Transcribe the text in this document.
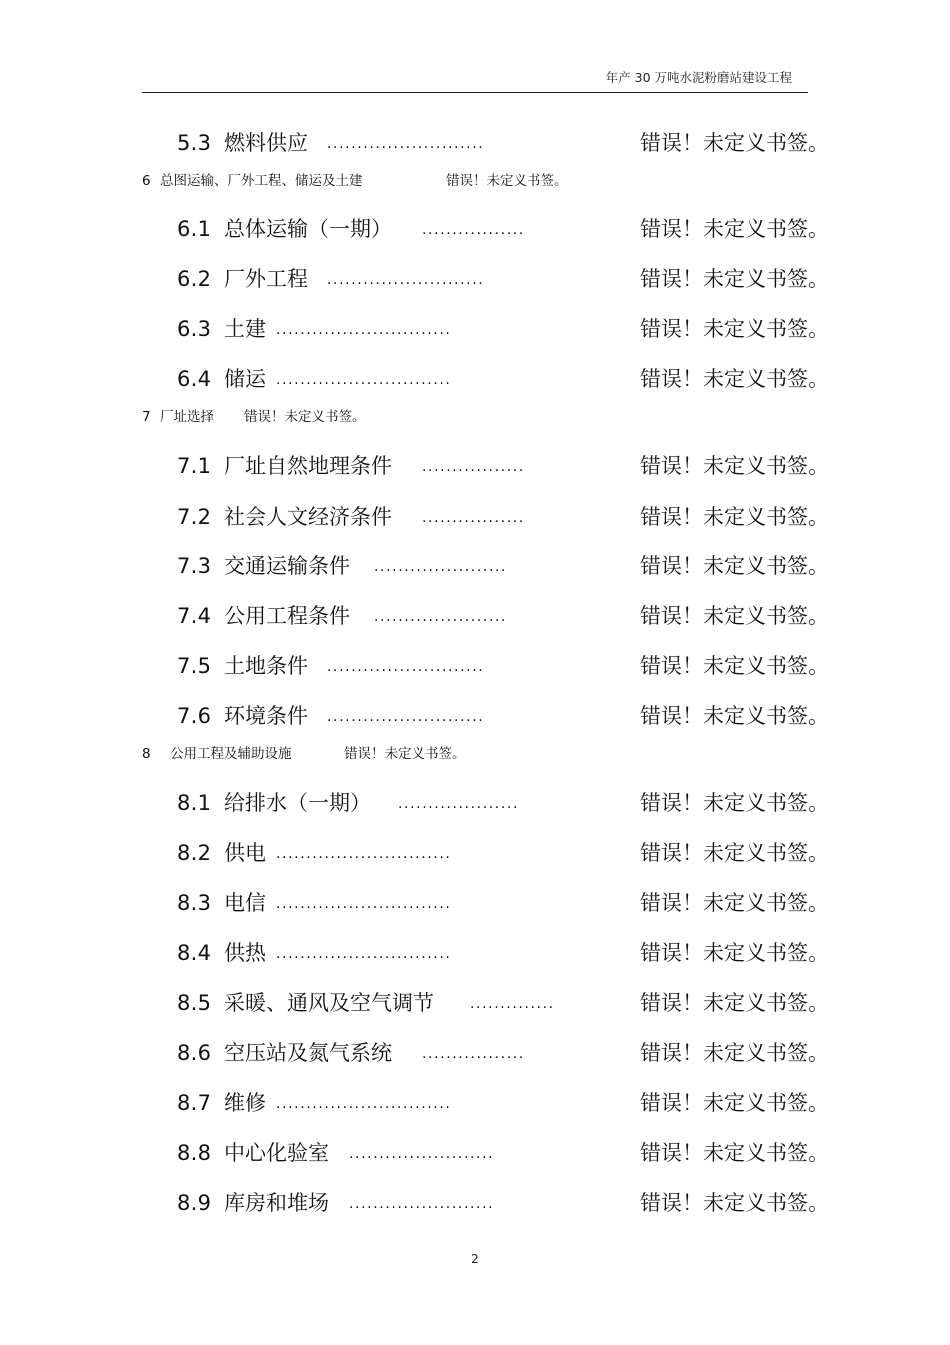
年产 30 万吨水泥粉磨站建设工程
5.3 燃料供应 ..........................	错误！未定义书签。
6 总图运输、厂外工程、储运及土建	错误！未定义书签。
6.1 总体运输（一期） .................	错误！未定义书签。
6.2 厂外工程 ..........................	错误！未定义书签。
6.3 土建 .............................	错误！未定义书签。
6.4 储运 .............................	错误！未定义书签。
7 厂址选择 错误！未定义书签。
7.1 厂址自然地理条件 .................	错误！未定义书签。
7.2 社会人文经济条件 .................	错误！未定义书签。
7.3 交通运输条件 ......................	错误！未定义书签。
7.4 公用工程条件 ......................	错误！未定义书签。
7.5 土地条件 ..........................	错误！未定义书签。
7.6 环境条件 ..........................	错误！未定义书签。
8 公用工程及辅助设施	错误！未定义书签。
8.1 给排水（一期） ....................	错误！未定义书签。
8.2 供电 .............................	错误！未定义书签。
8.3 电信 .............................	错误！未定义书签。
8.4 供热 .............................	错误！未定义书签。
8.5 采暖、通风及空气调节	..............	错误！未定义书签。
8.6 空压站及氮气系统 .................	错误！未定义书签。
8.7 维修 .............................	错误！未定义书签。
8.8 中心化验室 ........................	错误！未定义书签。
8.9 库房和堆场 ........................	错误！未定义书签。
2
